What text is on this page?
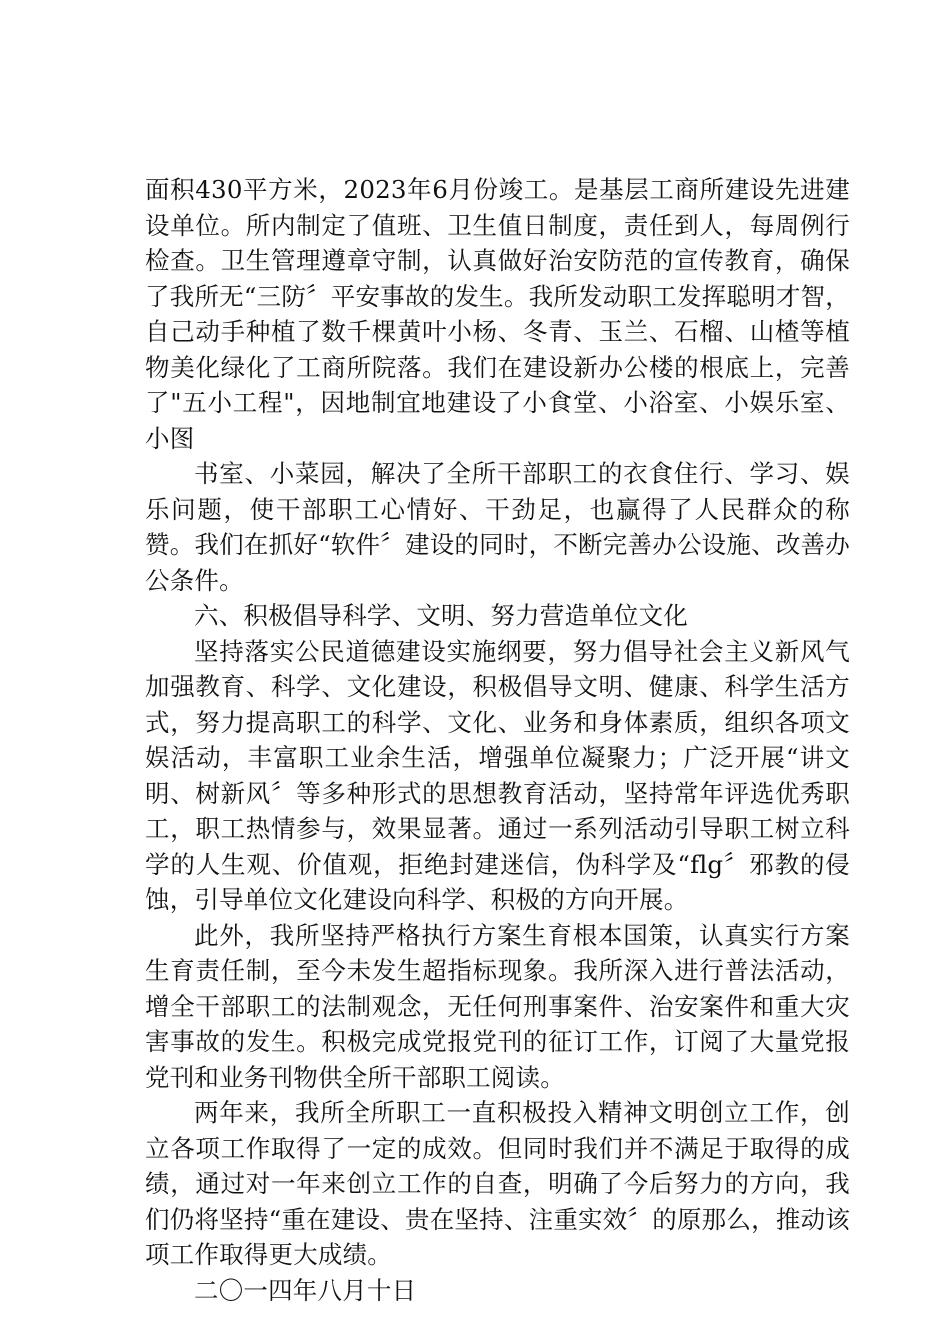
面积430平方米，2023年6月份竣工。是基层工商所建设先进建设单位。所内制定了值班、卫生值日制度，责任到人，每周例行检查。卫生管理遵章守制，认真做好治安防范的宣传教育，确保了我所无“三防〞平安事故的发生。我所发动职工发挥聪明才智，自己动手种植了数千棵黄叶小杨、冬青、玉兰、石榴、山楂等植物美化绿化了工商所院落。我们在建设新办公楼的根底上，完善了"五小工程"，因地制宜地建设了小食堂、小浴室、小娱乐室、小图

书室、小菜园，解决了全所干部职工的衣食住行、学习、娱乐问题，使干部职工心情好、干劲足，也赢得了人民群众的称赞。我们在抓好“软件〞建设的同时，不断完善办公设施、改善办公条件。

六、积极倡导科学、文明、努力营造单位文化

坚持落实公民道德建设实施纲要，努力倡导社会主义新风气加强教育、科学、文化建设，积极倡导文明、健康、科学生活方式，努力提高职工的科学、文化、业务和身体素质，组织各项文娱活动，丰富职工业余生活，增强单位凝聚力；广泛开展“讲文明、树新风〞等多种形式的思想教育活动，坚持常年评选优秀职工，职工热情参与，效果显著。通过一系列活动引导职工树立科学的人生观、价值观，拒绝封建迷信，伪科学及“flg〞邪教的侵蚀，引导单位文化建设向科学、积极的方向开展。

此外，我所坚持严格执行方案生育根本国策，认真实行方案生育责任制，至今未发生超指标现象。我所深入进行普法活动，增全干部职工的法制观念，无任何刑事案件、治安案件和重大灾害事故的发生。积极完成党报党刊的征订工作，订阅了大量党报党刊和业务刊物供全所干部职工阅读。

两年来，我所全所职工一直积极投入精神文明创立工作，创立各项工作取得了一定的成效。但同时我们并不满足于取得的成绩，通过对一年来创立工作的自查，明确了今后努力的方向，我们仍将坚持“重在建设、贵在坚持、注重实效〞的原那么，推动该项工作取得更大成绩。

二〇一四年八月十日
